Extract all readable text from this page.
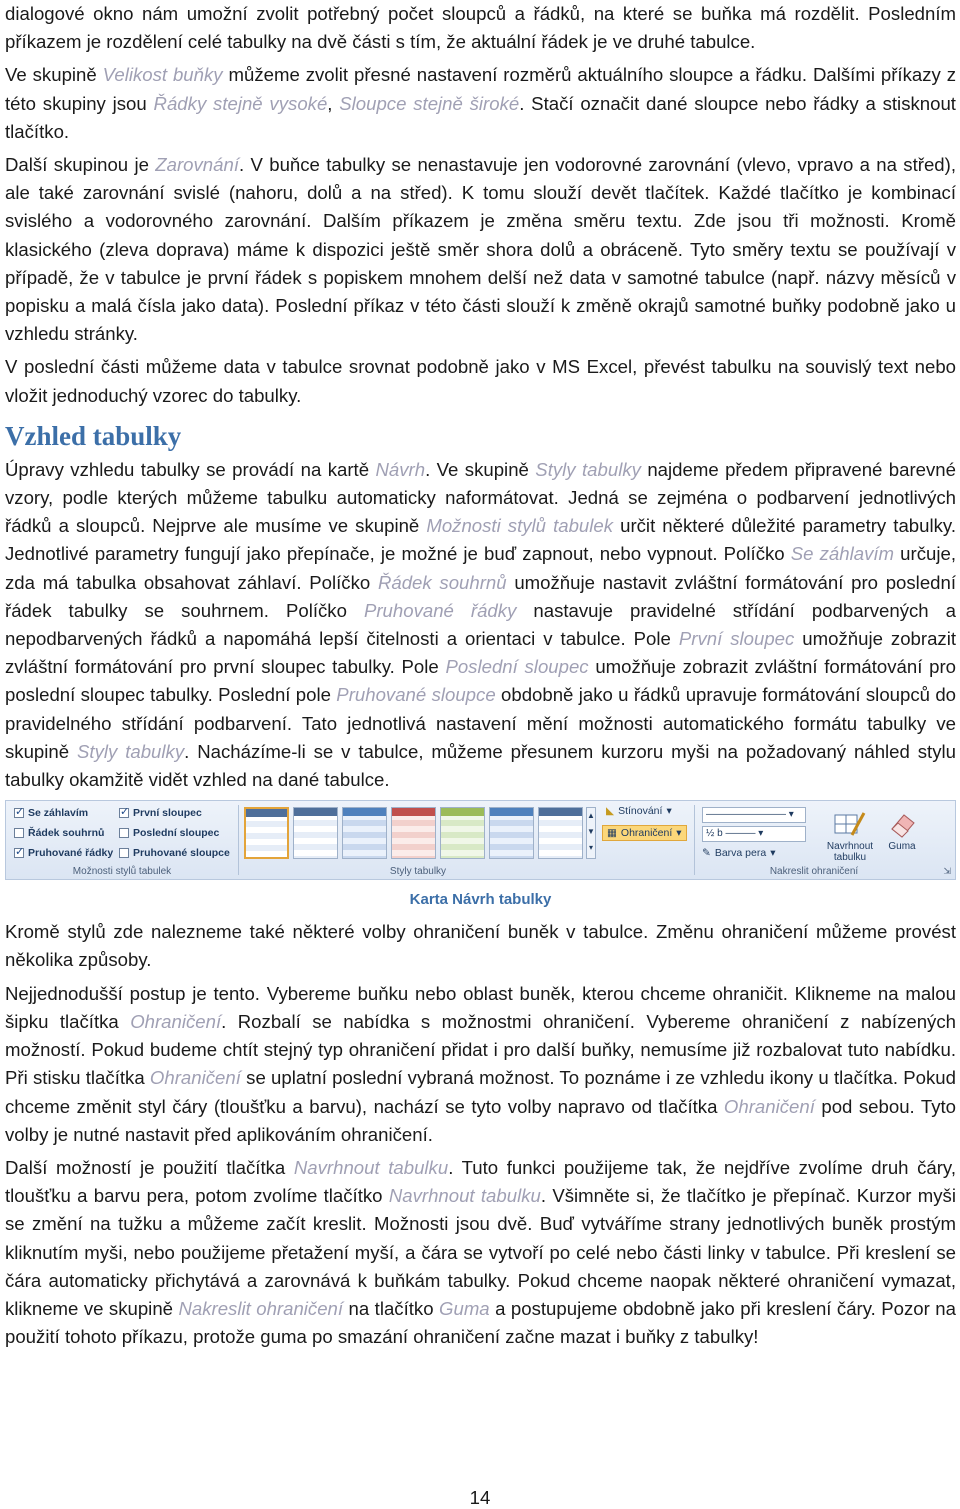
dialogové okno nám umožní zvolit potřebný počet sloupců a řádků, na které se buňka má rozdělit. Posledním příkazem je rozdělení celé tabulky na dvě části s tím, že aktuální řádek je ve druhé tabulce.

Ve skupině Velikost buňky můžeme zvolit přesné nastavení rozměrů aktuálního sloupce a řádku. Dalšími příkazy z této skupiny jsou Řádky stejně vysoké, Sloupce stejně široké. Stačí označit dané sloupce nebo řádky a stisknout tlačítko.

Další skupinou je Zarovnání. V buňce tabulky se nenastavuje jen vodorovné zarovnání (vlevo, vpravo a na střed), ale také zarovnání svislé (nahoru, dolů a na střed). K tomu slouží devět tlačítek. Každé tlačítko je kombinací svislého a vodorovného zarovnání. Dalším příkazem je změna směru textu. Zde jsou tři možnosti. Kromě klasického (zleva doprava) máme k dispozici ještě směr shora dolů a obráceně. Tyto směry textu se používají v případě, že v tabulce je první řádek s popiskem mnohem delší než data v samotné tabulce (např. názvy měsíců v popisku a malá čísla jako data). Poslední příkaz v této části slouží k změně okrajů samotné buňky podobně jako u vzhledu stránky.

V poslední části můžeme data v tabulce srovnat podobně jako v MS Excel, převést tabulku na souvislý text nebo vložit jednoduchý vzorec do tabulky.

Vzhled tabulky

Úpravy vzhledu tabulky se provádí na kartě Návrh. Ve skupině Styly tabulky najdeme předem připravené barevné vzory, podle kterých můžeme tabulku automaticky naformátovat. Jedná se zejména o podbarvení jednotlivých řádků a sloupců. Nejprve ale musíme ve skupině Možnosti stylů tabulek určit některé důležité parametry tabulky. Jednotlivé parametry fungují jako přepínače, je možné je buď zapnout, nebo vypnout. Políčko Se záhlavím určuje, zda má tabulka obsahovat záhlaví. Políčko Řádek souhrnů umožňuje nastavit zvláštní formátování pro poslední řádek tabulky se souhrnem. Políčko Pruhované řádky nastavuje pravidelné střídání podbarvených a nepodbarvených řádků a napomáhá lepší čitelnosti a orientaci v tabulce. Pole První sloupec umožňuje zobrazit zvláštní formátování pro první sloupec tabulky. Pole Poslední sloupec umožňuje zobrazit zvláštní formátování pro poslední sloupec tabulky. Poslední pole Pruhované sloupce obdobně jako u řádků upravuje formátování sloupců do pravidelného střídání podbarvení. Tato jednotlivá nastavení mění možnosti automatického formátu tabulky ve skupině Styly tabulky. Nacházíme-li se v tabulce, můžeme přesunem kurzoru myši na požadovaný náhled stylu tabulky okamžitě vidět vzhled na dané tabulce.

✓
Se záhlavím
Řádek souhrnů
✓
Pruhované řádky
✓
První sloupec
Poslední sloupec
Pruhované sloupce
Možnosti stylů tabulek
▲
▼
▾
Styly tabulky
◣ Stínování ▾
▦ Ohraničení ▾
———————— ▾
½ b ——— ▾
✎ Barva pera ▾
Navrhnout tabulku
Guma
Nakreslit ohraničení	⇲
Karta Návrh tabulky

Kromě stylů zde nalezneme také některé volby ohraničení buněk v tabulce. Změnu ohraničení můžeme provést několika způsoby.

Nejjednodušší postup je tento. Vybereme buňku nebo oblast buněk, kterou chceme ohraničit. Klikneme na malou šipku tlačítka Ohraničení. Rozbalí se nabídka s možnostmi ohraničení. Vybereme ohraničení z nabízených možností. Pokud budeme chtít stejný typ ohraničení přidat i pro další buňky, nemusíme již rozbalovat tuto nabídku. Při stisku tlačítka Ohraničení se uplatní poslední vybraná možnost. To poznáme i ze vzhledu ikony u tlačítka. Pokud chceme změnit styl čáry (tloušťku a barvu), nachází se tyto volby napravo od tlačítka Ohraničení pod sebou. Tyto volby je nutné nastavit před aplikováním ohraničení.

Další možností je použití tlačítka Navrhnout tabulku. Tuto funkci použijeme tak, že nejdříve zvolíme druh čáry, tloušťku a barvu pera, potom zvolíme tlačítko Navrhnout tabulku. Všimněte si, že tlačítko je přepínač. Kurzor myši se změní na tužku a můžeme začít kreslit. Možnosti jsou dvě. Buď vytváříme strany jednotlivých buněk prostým kliknutím myši, nebo použijeme přetažení myší, a čára se vytvoří po celé nebo části linky v tabulce. Při kreslení se čára automaticky přichytává a zarovnává k buňkám tabulky. Pokud chceme naopak některé ohraničení vymazat, klikneme ve skupině Nakreslit ohraničení na tlačítko Guma a postupujeme obdobně jako při kreslení čáry. Pozor na použití tohoto příkazu, protože guma po smazání ohraničení začne mazat i buňky z tabulky!

14
